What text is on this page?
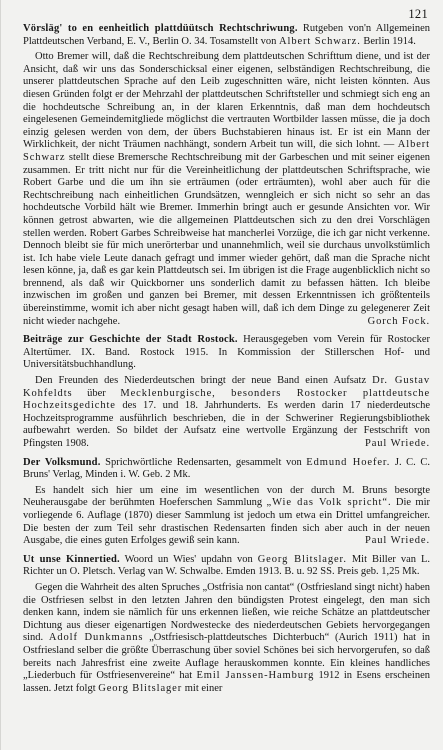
121

Vörsläg' to en eenheitlich plattdüütsch Rechtschriwung. Rutgeben von'n Allgemeinen Plattdeutschen Verband, E. V., Berlin O. 34. Tosamstellt von Albert Schwarz. Berlin 1914.

Otto Bremer will, daß die Rechtschreibung dem plattdeutschen Schrifttum diene, und ist der Ansicht, daß wir uns das Sonderschicksal einer eigenen, selbständigen Rechtschreibung, die unserer plattdeutschen Sprache auf den Leib zugeschnitten wäre, nicht leisten könnten. Aus diesen Gründen folgt er der Mehrzahl der plattdeutschen Schriftsteller und schmiegt sich eng an die hochdeutsche Schreibung an, in der klaren Erkenntnis, daß man dem hochdeutsch eingelesenen Gemeindemitgliede möglichst die vertrauten Wortbilder lassen müsse, die ja doch einzig gelesen werden von dem, der übers Buchstabieren hinaus ist. Er ist ein Mann der Wirklichkeit, der nicht Träumen nachhängt, sondern Arbeit tun will, die sich lohnt. — Albert Schwarz stellt diese Bremersche Rechtschreibung mit der Garbeschen und mit seiner eigenen zusammen. Er tritt nicht nur für die Vereinheitlichung der plattdeutschen Schriftsprache, wie Robert Garbe und die um ihn sie erträumen (oder erträumten), wohl aber auch für die Rechtschreibung nach einheitlichen Grundsätzen, wenngleich er sich nicht so sehr an das hochdeutsche Vorbild hält wie Bremer. Immerhin bringt auch er gesunde Ansichten vor. Wir können getrost abwarten, wie die allgemeinen Plattdeutschen sich zu den drei Vorschlägen stellen werden. Robert Garbes Schreibweise hat mancherlei Vorzüge, die ich gar nicht verkenne. Dennoch bleibt sie für mich unerörterbar und unannehmlich, weil sie durchaus unvolkstümlich ist. Ich habe viele Leute danach gefragt und immer wieder gehört, daß man die Sprache nicht lesen könne, ja, daß es gar kein Plattdeutsch sei. Im übrigen ist die Frage augenblicklich nicht so brennend, als daß wir Quickborner uns sonderlich damit zu befassen hätten. Ich bleibe inzwischen im großen und ganzen bei Bremer, mit dessen Erkenntnissen ich größtenteils übereinstimme, womit ich aber nicht gesagt haben will, daß ich dem Dinge zu gelegenerer Zeit nicht wieder nachgehe.	Gorch Fock.

Beiträge zur Geschichte der Stadt Rostock. Herausgegeben vom Verein für Rostocker Altertümer. IX. Band. Rostock 1915. In Kommission der Stillerschen Hof- und Universitätsbuchhandlung.

Den Freunden des Niederdeutschen bringt der neue Band einen Aufsatz Dr. Gustav Kohfeldts über Mecklenburgische, besonders Rostocker plattdeutsche Hochzeitsgedichte des 17. und 18. Jahrhunderts. Es werden darin 17 niederdeutsche Hochzeitsprogramme ausführlich beschrieben, die in der Schweriner Regierungsbibliothek aufbewahrt werden. So bildet der Aufsatz eine wertvolle Ergänzung der Festschrift von Pfingsten 1908.	Paul Wriede.

Der Volksmund. Sprichwörtliche Redensarten, gesammelt von Edmund Hoefer. J. C. C. Bruns' Verlag, Minden i. W. Geb. 2 Mk.

Es handelt sich hier um eine im wesentlichen von der durch M. Bruns besorgte Neuherausgabe der berühmten Hoeferschen Sammlung „Wie das Volk spricht“. Die mir vorliegende 6. Auflage (1870) dieser Sammlung ist jedoch um etwa ein Drittel umfangreicher. Die besten der zum Teil sehr drastischen Redensarten finden sich aber auch in der neuen Ausgabe, die eines guten Erfolges gewiß sein kann.	Paul Wriede.

Ut unse Kinnertied. Woord un Wies' updahn von Georg Blitslager. Mit Biller van L. Richter un O. Pletsch. Verlag van W. Schwalbe. Emden 1913. B. u. 92 SS. Preis geb. 1,25 Mk.

Gegen die Wahrheit des alten Spruches „Ostfrisia non cantat“ (Ostfriesland singt nicht) haben die Ostfriesen selbst in den letzten Jahren den bündigsten Protest eingelegt, den man sich denken kann, indem sie nämlich für uns erkennen ließen, wie reiche Schätze an plattdeutscher Dichtung aus dieser eigenartigen Nordwestecke des niederdeutschen Gebiets hervorgegangen sind. Adolf Dunkmanns „Ostfriesisch-plattdeutsches Dichterbuch“ (Aurich 1911) hat in Ostfriesland selber die größte Überraschung über soviel Schönes bei sich hervorgerufen, so daß bereits nach Jahresfrist eine zweite Auflage herauskommen konnte. Ein kleines handliches „Liederbuch für Ostfriesenvereine“ hat Emil Janssen-Hamburg 1912 in Esens erscheinen lassen. Jetzt folgt Georg Blitslager mit einer
